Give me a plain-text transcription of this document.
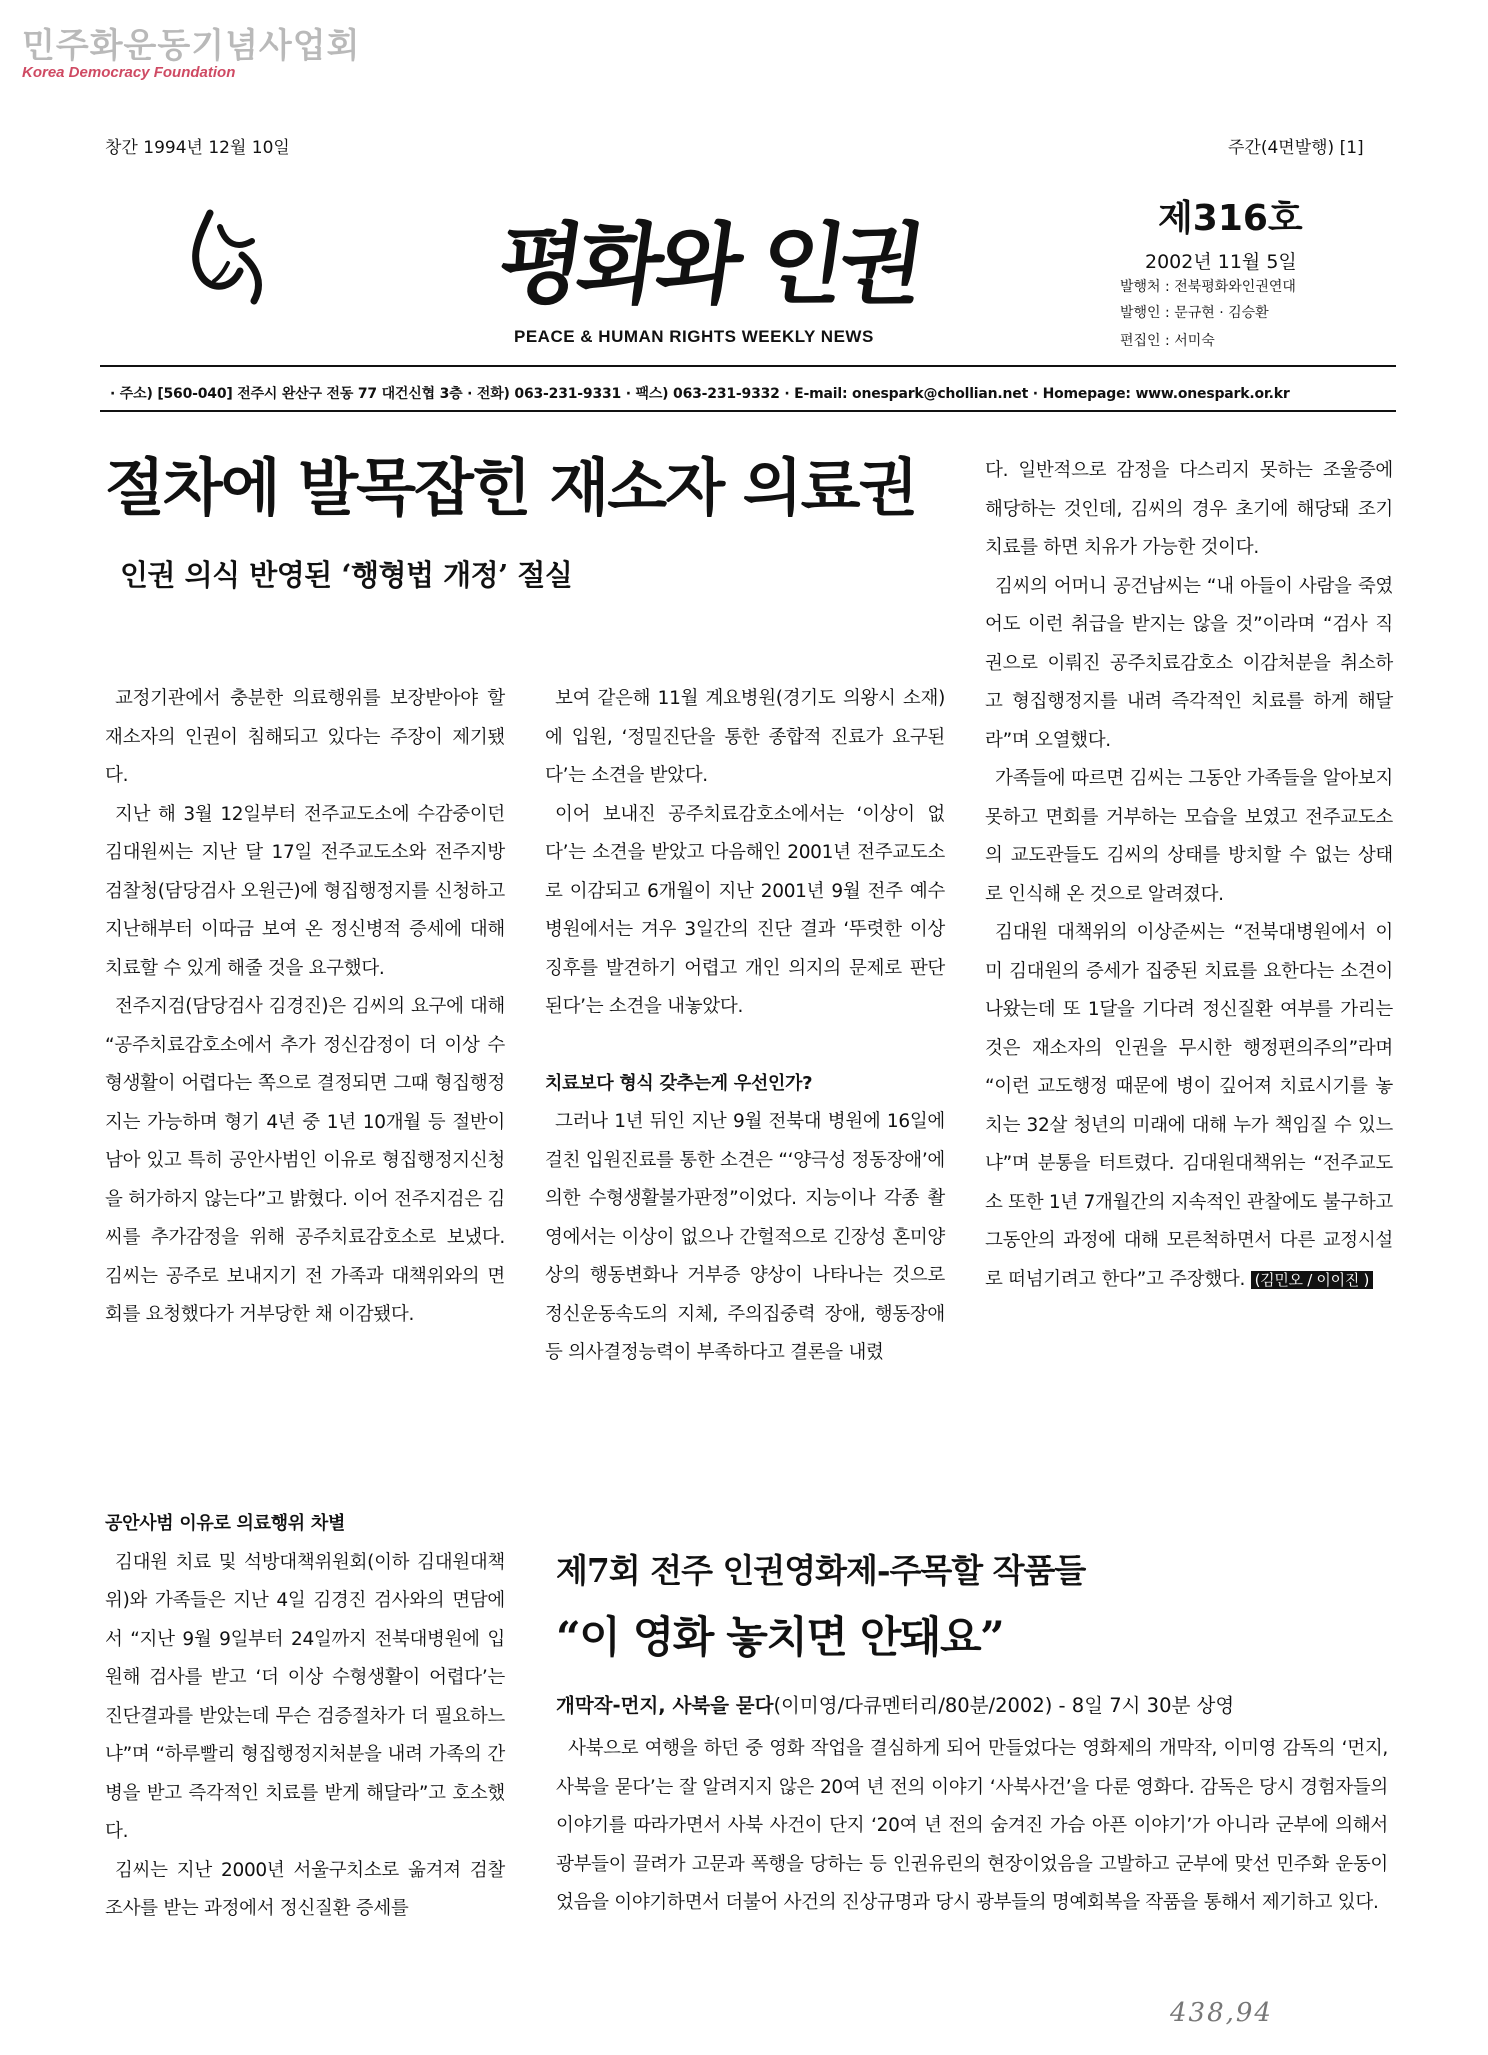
민주화운동기념사업회
Korea Democracy Foundation
창간 1994년 12월 10일	주간(4면발행) [1]
평화와 인권
PEACE & HUMAN RIGHTS WEEKLY NEWS
제316호
2002년 11월 5일
발행처 : 전북평화와인권연대
발행인 : 문규현 · 김승환
편집인 : 서미숙
· 주소) [560-040] 전주시 완산구 전동 77 대건신협 3층 · 전화) 063-231-9331 · 팩스) 063-231-9332 · E-mail: onespark@chollian.net · Homepage: www.onespark.or.kr
절차에 발목잡힌 재소자 의료권
인권 의식 반영된 ‘행형법 개정’ 절실

교정기관에서 충분한 의료행위를 보장받아야 할 재소자의 인권이 침해되고 있다는 주장이 제기됐다.

지난 해 3월 12일부터 전주교도소에 수감중이던 김대원씨는 지난 달 17일 전주교도소와 전주지방검찰청(담당검사 오원근)에 형집행정지를 신청하고 지난해부터 이따금 보여 온 정신병적 증세에 대해 치료할 수 있게 해줄 것을 요구했다.

전주지검(담당검사 김경진)은 김씨의 요구에 대해 “공주치료감호소에서 추가 정신감정이 더 이상 수형생활이 어렵다는 쪽으로 결정되면 그때 형집행정지는 가능하며 형기 4년 중 1년 10개월 등 절반이 남아 있고 특히 공안사범인 이유로 형집행정지신청을 허가하지 않는다”고 밝혔다. 이어 전주지검은 김씨를 추가감정을 위해 공주치료감호소로 보냈다. 김씨는 공주로 보내지기 전 가족과 대책위와의 면회를 요청했다가 거부당한 채 이감됐다.

공안사범 이유로 의료행위 차별

김대원 치료 및 석방대책위원회(이하 김대원대책위)와 가족들은 지난 4일 김경진 검사와의 면담에서 “지난 9월 9일부터 24일까지 전북대병원에 입원해 검사를 받고 ‘더 이상 수형생활이 어렵다’는 진단결과를 받았는데 무슨 검증절차가 더 필요하느냐”며 “하루빨리 형집행정지처분을 내려 가족의 간병을 받고 즉각적인 치료를 받게 해달라”고 호소했다.

김씨는 지난 2000년 서울구치소로 옮겨져 검찰조사를 받는 과정에서 정신질환 증세를

보여 같은해 11월 계요병원(경기도 의왕시 소재)에 입원, ‘정밀진단을 통한 종합적 진료가 요구된다’는 소견을 받았다.

이어 보내진 공주치료감호소에서는 ‘이상이 없다’는 소견을 받았고 다음해인 2001년 전주교도소로 이감되고 6개월이 지난 2001년 9월 전주 예수병원에서는 겨우 3일간의 진단 결과 ‘뚜렷한 이상징후를 발견하기 어렵고 개인 의지의 문제로 판단된다’는 소견을 내놓았다.

치료보다 형식 갖추는게 우선인가?

그러나 1년 뒤인 지난 9월 전북대 병원에 16일에 걸친 입원진료를 통한 소견은 “‘양극성 정동장애’에 의한 수형생활불가판정”이었다. 지능이나 각종 촬영에서는 이상이 없으나 간헐적으로 긴장성 혼미양상의 행동변화나 거부증 양상이 나타나는 것으로 정신운동속도의 지체, 주의집중력 장애, 행동장애 등 의사결정능력이 부족하다고 결론을 내렸

다. 일반적으로 감정을 다스리지 못하는 조울증에 해당하는 것인데, 김씨의 경우 초기에 해당돼 조기치료를 하면 치유가 가능한 것이다.

김씨의 어머니 공건남씨는 “내 아들이 사람을 죽였어도 이런 취급을 받지는 않을 것”이라며 “검사 직권으로 이뤄진 공주치료감호소 이감처분을 취소하고 형집행정지를 내려 즉각적인 치료를 하게 해달라”며 오열했다.

가족들에 따르면 김씨는 그동안 가족들을 알아보지 못하고 면회를 거부하는 모습을 보였고 전주교도소의 교도관들도 김씨의 상태를 방치할 수 없는 상태로 인식해 온 것으로 알려졌다.

김대원 대책위의 이상준씨는 “전북대병원에서 이미 김대원의 증세가 집중된 치료를 요한다는 소견이 나왔는데 또 1달을 기다려 정신질환 여부를 가리는 것은 재소자의 인권을 무시한 행정편의주의”라며 “이런 교도행정 때문에 병이 깊어져 치료시기를 놓치는 32살 청년의 미래에 대해 누가 책임질 수 있느냐”며 분통을 터트렸다. 김대원대책위는 “전주교도소 또한 1년 7개월간의 지속적인 관찰에도 불구하고 그동안의 과정에 대해 모른척하면서 다른 교정시설로 떠넘기려고 한다”고 주장했다. (김민오 / 이이진 )

제7회 전주 인권영화제-주목할 작품들
“이 영화 놓치면 안돼요”
개막작-먼지, 사북을 묻다(이미영/다큐멘터리/80분/2002) - 8일 7시 30분 상영

사북으로 여행을 하던 중 영화 작업을 결심하게 되어 만들었다는 영화제의 개막작, 이미영 감독의 ‘먼지, 사북을 묻다’는 잘 알려지지 않은 20여 년 전의 이야기 ‘사북사건’을 다룬 영화다. 감독은 당시 경험자들의 이야기를 따라가면서 사북 사건이 단지 ‘20여 년 전의 숨겨진 가슴 아픈 이야기’가 아니라 군부에 의해서 광부들이 끌려가 고문과 폭행을 당하는 등 인권유린의 현장이었음을 고발하고 군부에 맞선 민주화 운동이었음을 이야기하면서 더불어 사건의 진상규명과 당시 광부들의 명예회복을 작품을 통해서 제기하고 있다.

438,94
